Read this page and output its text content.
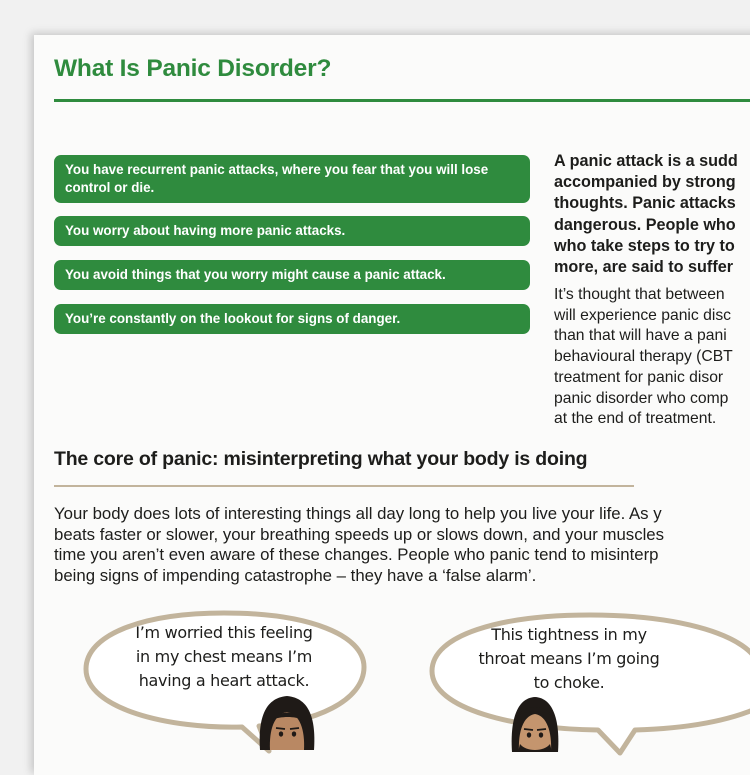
What Is Panic Disorder?
You have recurrent panic attacks, where you fear that you will lose control or die.
You worry about having more panic attacks.
You avoid things that you worry might cause a panic attack.
You’re constantly on the lookout for signs of danger.
A panic attack is a sudd
accompanied by strong
thoughts. Panic attacks
dangerous. People who
who take steps to try to
more, are said to suffer
It’s thought that between
will experience panic disc
than that will have a pani
behavioural therapy (CBT
treatment for panic disor
panic disorder who comp
at the end of treatment.
The core of panic: misinterpreting what your body is doing
Your body does lots of interesting things all day long to help you live your life. As y
beats faster or slower, your breathing speeds up or slows down, and your muscles
time you aren’t even aware of these changes. People who panic tend to misinterp
being signs of impending catastrophe – they have a ‘false alarm’.
I’m worried this feeling
in my chest means I’m
having a heart attack.
This tightness in my
throat means I’m going
to choke.
